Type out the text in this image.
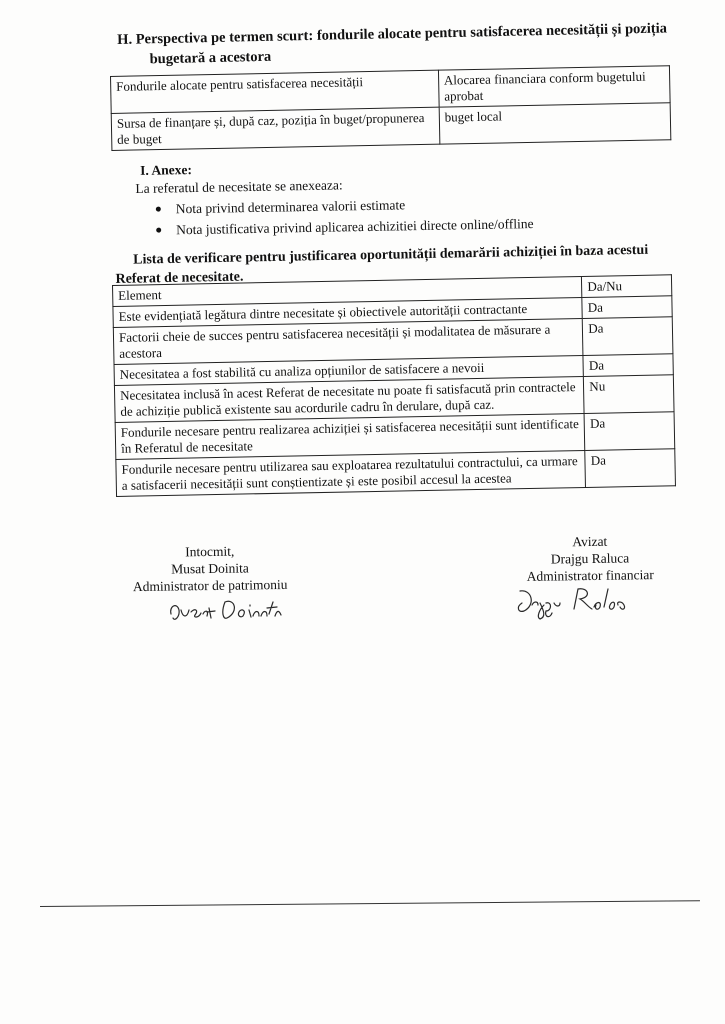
H. Perspectiva pe termen scurt: fondurile alocate pentru satisfacerea necesității și poziția
bugetară a acestora
Fondurile alocate pentru satisfacerea necesității	Alocarea financiara conform bugetului aprobat
Sursa de finanțare și, după caz, poziția în buget/propunerea de buget	buget local
I. Anexe:
La referatul de necesitate se anexeaza:
Nota privind determinarea valorii estimate
Nota justificativa privind aplicarea achizitiei directe online/offline
Lista de verificare pentru justificarea oportunității demarării achiziției în baza acestui
Referat de necesitate.
Element	Da/Nu
Este evidențiată legătura dintre necesitate și obiectivele autorității contractante	Da
Factorii cheie de succes pentru satisfacerea necesității și modalitatea de măsurare a acestora	Da
Necesitatea a fost stabilită cu analiza opțiunilor de satisfacere a nevoii	Da
Necesitatea inclusă în acest Referat de necesitate nu poate fi satisfacută prin contractele de achiziție publică existente sau acordurile cadru în derulare, după caz.	Nu
Fondurile necesare pentru realizarea achiziției și satisfacerea necesității sunt identificate în Referatul de necesitate	Da
Fondurile necesare pentru utilizarea sau exploatarea rezultatului contractului, ca urmare a satisfacerii necesității sunt conștientizate și este posibil accesul la acestea	Da
Intocmit,
Musat Doinita
Administrator de patrimoniu
Avizat
Drajgu Raluca
Administrator financiar
